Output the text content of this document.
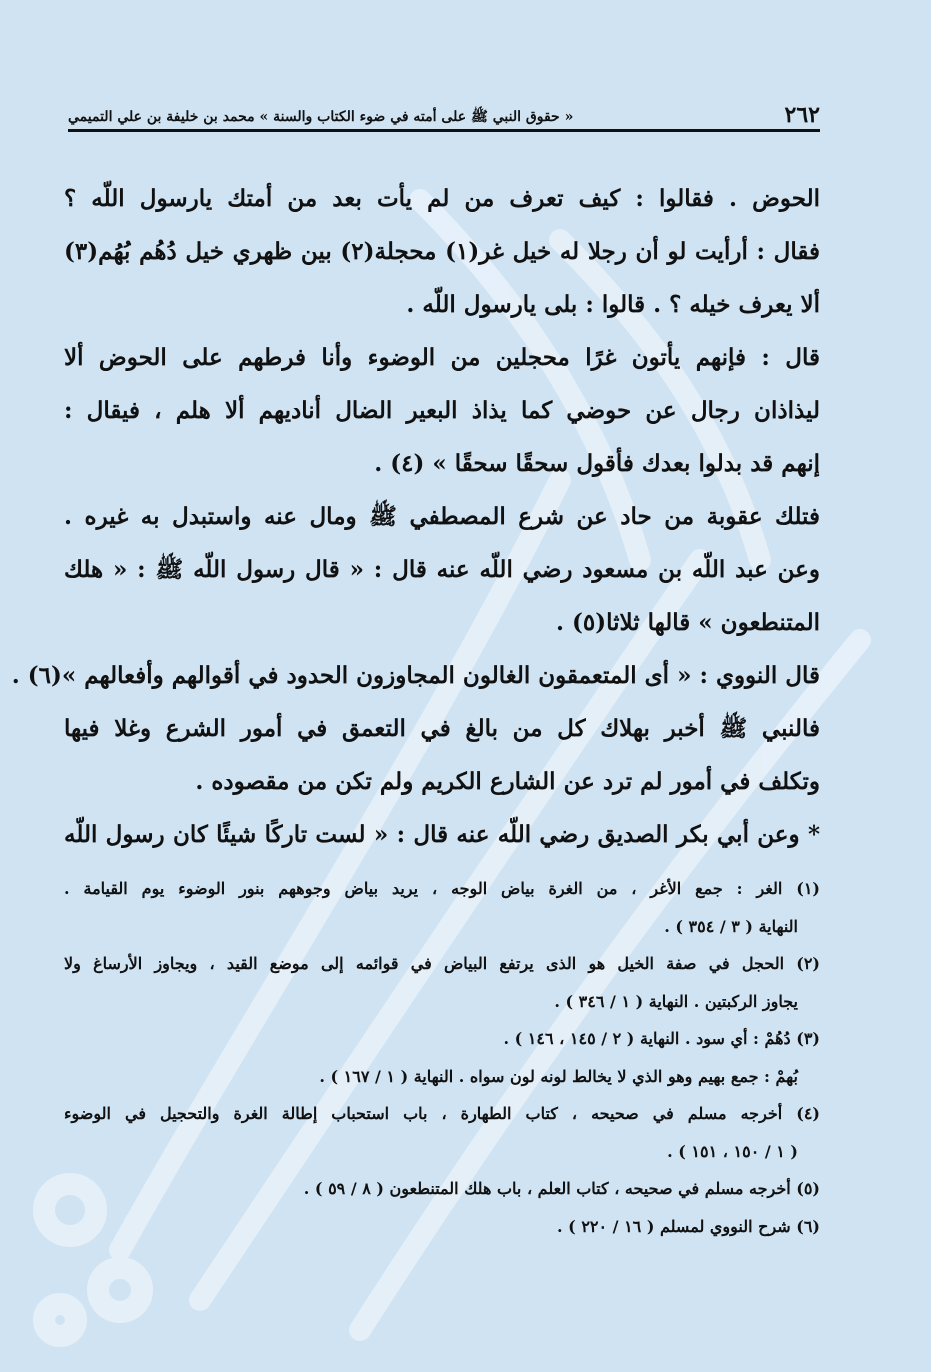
٢٦٢
« حقوق النبي ﷺ على أمته في ضوء الكتاب والسنة » محمد بن خليفة بن علي التميمي
الحوض . فقالوا : كيف تعرف من لم يأت بعد من أمتك يارسول اللّه ؟
فقال : أرأيت لو أن رجلا له خيل غر(١) محجلة(٢) بين ظهري خيل دُهُم بُهُم(٣)
ألا يعرف خيله ؟ . قالوا : بلى يارسول اللّه .
قال : فإنهم يأتون غرًا محجلين من الوضوء وأنا فرطهم على الحوض ألا
ليذاذان رجال عن حوضي كما يذاذ البعير الضال أناديهم ألا هلم ، فيقال :
إنهم قد بدلوا بعدك فأقول سحقًا سحقًا » (٤) .
فتلك عقوبة من حاد عن شرع المصطفي ﷺ ومال عنه واستبدل به غيره .
وعن عبد اللّه بن مسعود رضي اللّه عنه قال : « قال رسول اللّه ﷺ : « هلك
المتنطعون » قالها ثلاثا(٥) .
قال النووي : « أى المتعمقون الغالون المجاوزون الحدود في أقوالهم وأفعالهم »(٦) .
فالنبي ﷺ أخبر بهلاك كل من بالغ في التعمق في أمور الشرع وغلا فيها
وتكلف في أمور لم ترد عن الشارع الكريم ولم تكن من مقصوده .
* وعن أبي بكر الصديق رضي اللّه عنه قال : « لست تاركًا شيئًا كان رسول اللّه
(١) الغر : جمع الأغر ، من الغرة بياض الوجه ، يريد بياض وجوههم بنور الوضوء يوم القيامة .
النهاية ( ٣ / ٣٥٤ ) .
(٢) الحجل في صفة الخيل هو الذى يرتفع البياض في قوائمه إلى موضع القيد ، ويجاوز الأرساغ ولا
يجاوز الركبتين . النهاية ( ١ / ٣٤٦ ) .
(٣) دُهُمْ : أي سود . النهاية ( ٢ / ١٤٥ ، ١٤٦ ) .
بُهمْ : جمع بهيم وهو الذي لا يخالط لونه لون سواه . النهاية ( ١ / ١٦٧ ) .
(٤) أخرجه مسلم في صحيحه ، كتاب الطهارة ، باب استحباب إطالة الغرة والتحجيل في الوضوء
( ١ / ١٥٠ ، ١٥١ ) .
(٥) أخرجه مسلم في صحيحه ، كتاب العلم ، باب هلك المتنطعون ( ٨ / ٥٩ ) .
(٦) شرح النووي لمسلم ( ١٦ / ٢٢٠ ) .
